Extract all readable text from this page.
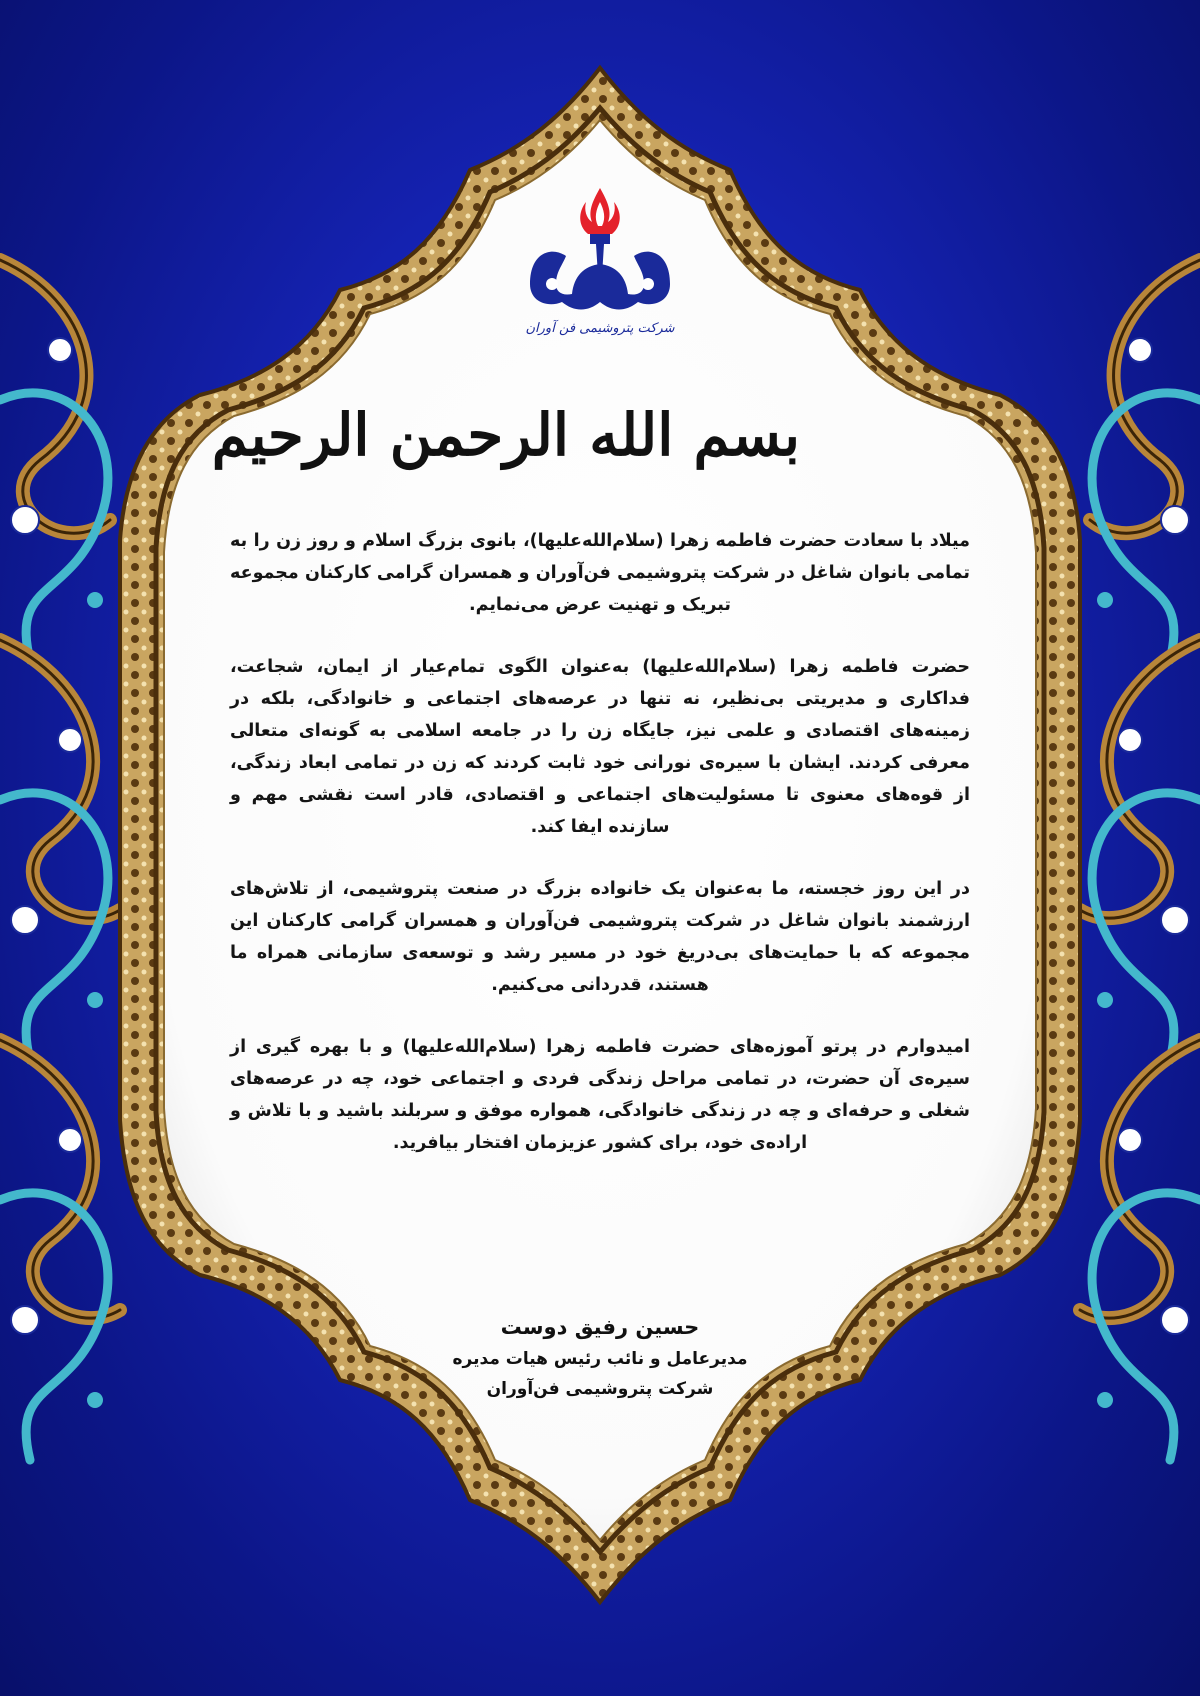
شرکت پتروشیمی فن آوران
بسم الله الرحمن الرحیم

میلاد با سعادت حضرت فاطمه زهرا (سلام‌الله‌علیها)، بانوی بزرگ اسلام و روز زن را به تمامی بانوان شاغل در شرکت پتروشیمی فن‌آوران و همسران گرامی کارکنان مجموعه تبریک و تهنیت عرض می‌نمایم.

حضرت فاطمه زهرا (سلام‌الله‌علیها) به‌عنوان الگوی تمام‌عیار از ایمان، شجاعت، فداکاری و مدیریتی بی‌نظیر، نه تنها در عرصه‌های اجتماعی و خانوادگی، بلکه در زمینه‌های اقتصادی و علمی نیز، جایگاه زن را در جامعه اسلامی به گونه‌ای متعالی معرفی کردند. ایشان با سیره‌ی نورانی خود ثابت کردند که زن در تمامی ابعاد زندگی، از قوه‌های معنوی تا مسئولیت‌های اجتماعی و اقتصادی، قادر است نقشی مهم و سازنده ایفا کند.

در این روز خجسته، ما به‌عنوان یک خانواده بزرگ در صنعت پتروشیمی، از تلاش‌های ارزشمند بانوان شاغل در شرکت پتروشیمی فن‌آوران و همسران گرامی کارکنان این مجموعه که با حمایت‌های بی‌دریغ خود در مسیر رشد و توسعه‌ی سازمانی همراه ما هستند، قدردانی می‌کنیم.

امیدوارم در پرتو آموزه‌های حضرت فاطمه زهرا (سلام‌الله‌علیها) و با بهره گیری از سیره‌ی آن حضرت، در تمامی مراحل زندگی فردی و اجتماعی خود، چه در عرصه‌های شغلی و حرفه‌ای و چه در زندگی خانوادگی، همواره موفق و سربلند باشید و با تلاش و اراده‌ی خود، برای کشور عزیزمان افتخار بیافرید.

حسین رفیق دوست
مدیرعامل و نائب رئیس هیات مدیره
شرکت پتروشیمی فن‌آوران
